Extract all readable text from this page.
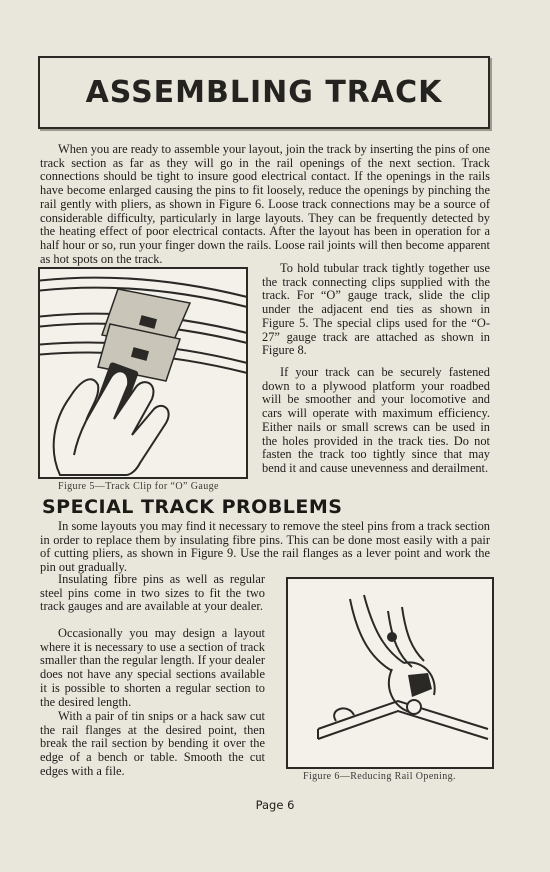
ASSEMBLING TRACK

When you are ready to assemble your layout, join the track by inserting the pins of one track section as far as they will go in the rail openings of the next section. Track connections should be tight to insure good electrical contact. If the openings in the rails have become enlarged causing the pins to fit loosely, reduce the openings by pinching the rail gently with pliers, as shown in Figure 6. Loose track connections may be a source of considerable difficulty, particularly in large layouts. They can be frequently detected by the heating effect of poor electrical contacts. After the layout has been in operation for a half hour or so, run your finger down the rails. Loose rail joints will then become apparent as hot spots on the track.

Figure 5—Track Clip for “O” Gauge

To hold tubular track tightly together use the track connecting clips supplied with the track. For “O” gauge track, slide the clip under the adjacent end ties as shown in Figure 5. The special clips used for the “O-27” gauge track are attached as shown in Figure 8.

If your track can be securely fastened down to a plywood platform your roadbed will be smoother and your locomotive and cars will operate with maximum efficiency. Either nails or small screws can be used in the holes provided in the track ties. Do not fasten the track too tightly since that may bend it and cause unevenness and derailment.

SPECIAL TRACK PROBLEMS

In some layouts you may find it necessary to remove the steel pins from a track section in order to replace them by insulating fibre pins. This can be done most easily with a pair of cutting pliers, as shown in Figure 9. Use the rail flanges as a lever point and work the pin out gradually.

Insulating fibre pins as well as regular steel pins come in two sizes to fit the two track gauges and are available at your dealer.

Occasionally you may design a layout where it is necessary to use a section of track smaller than the regular length. If your dealer does not have any special sections available it is possible to shorten a regular section to the desired length.

With a pair of tin snips or a hack saw cut the rail flanges at the desired point, then break the rail section by bending it over the edge of a bench or table. Smooth the cut edges with a file.	Figure 6—Reducing Rail Opening.
Page 6
